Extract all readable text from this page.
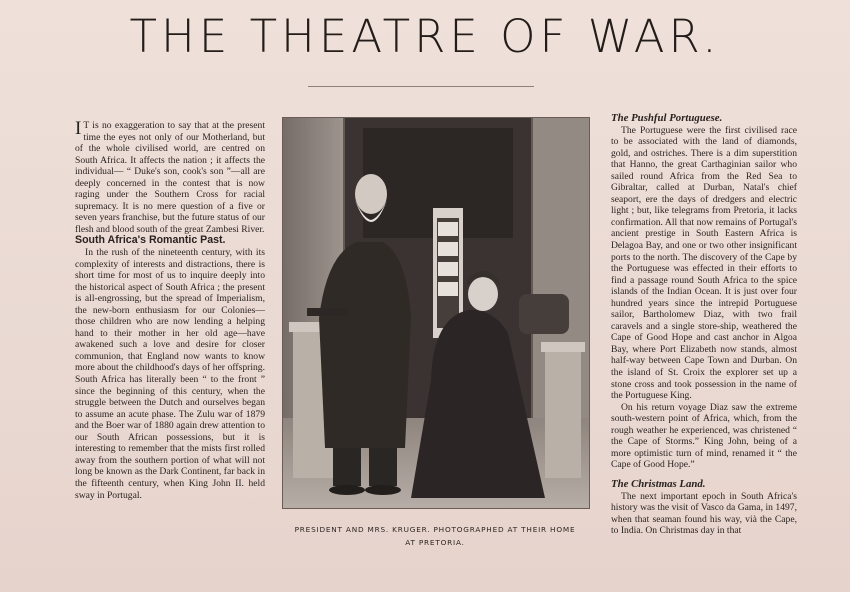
THE THEATRE OF WAR.

I T is no exaggeration to say that at the present time the eyes not only of our Motherland, but of the whole civilised world, are centred on South Africa. It affects the nation ; it affects the individual— “ Duke's son, cook's son ”—all are deeply concerned in the contest that is now raging under the Southern Cross for racial supremacy. It is no mere question of a five or seven years franchise, but the future status of our flesh and blood south of the great Zambesi River.

South Africa's Romantic Past.

In the rush of the nineteenth century, with its complexity of interests and distractions, there is short time for most of us to inquire deeply into the historical aspect of South Africa ; the present is all-engrossing, but the spread of Imperialism, the new-born enthusiasm for our Colonies—those children who are now lending a helping hand to their mother in her old age—have awakened such a love and desire for closer communion, that England now wants to know more about the childhood's days of her offspring. South Africa has literally been “ to the front ” since the beginning of this century, when the struggle between the Dutch and ourselves began to assume an acute phase. The Zulu war of 1879 and the Boer war of 1880 again drew attention to our South African possessions, but it is interesting to remember that the mists first rolled away from the southern portion of what will not long be known as the Dark Continent, far back in the fifteenth century, when King John II. held sway in Portugal.

PRESIDENT AND MRS. KRUGER. PHOTOGRAPHED AT THEIR HOME
AT PRETORIA.

The Pushful Portuguese.

The Portuguese were the first civilised race to be associated with the land of diamonds, gold, and ostriches. There is a dim superstition that Hanno, the great Carthaginian sailor who sailed round Africa from the Red Sea to Gibraltar, called at Durban, Natal's chief seaport, ere the days of dredgers and electric light ; but, like telegrams from Pretoria, it lacks confirmation. All that now remains of Portugal's ancient prestige in South Eastern Africa is Delagoa Bay, and one or two other insignificant ports to the north. The discovery of the Cape by the Portuguese was effected in their efforts to find a passage round South Africa to the spice islands of the Indian Ocean. It is just over four hundred years since the intrepid Portuguese sailor, Bartholomew Diaz, with two frail caravels and a single store-ship, weathered the Cape of Good Hope and cast anchor in Algoa Bay, where Port Elizabeth now stands, almost half-way between Cape Town and Durban. On the island of St. Croix the explorer set up a stone cross and took possession in the name of the Portuguese King.

On his return voyage Diaz saw the extreme south-western point of Africa, which, from the rough weather he experienced, was christened “ the Cape of Storms.” King John, being of a more optimistic turn of mind, renamed it “ the Cape of Good Hope.”

The Christmas Land.

The next important epoch in South Africa's history was the visit of Vasco da Gama, in 1497, when that seaman found his way, vià the Cape, to India. On Christmas day in that
